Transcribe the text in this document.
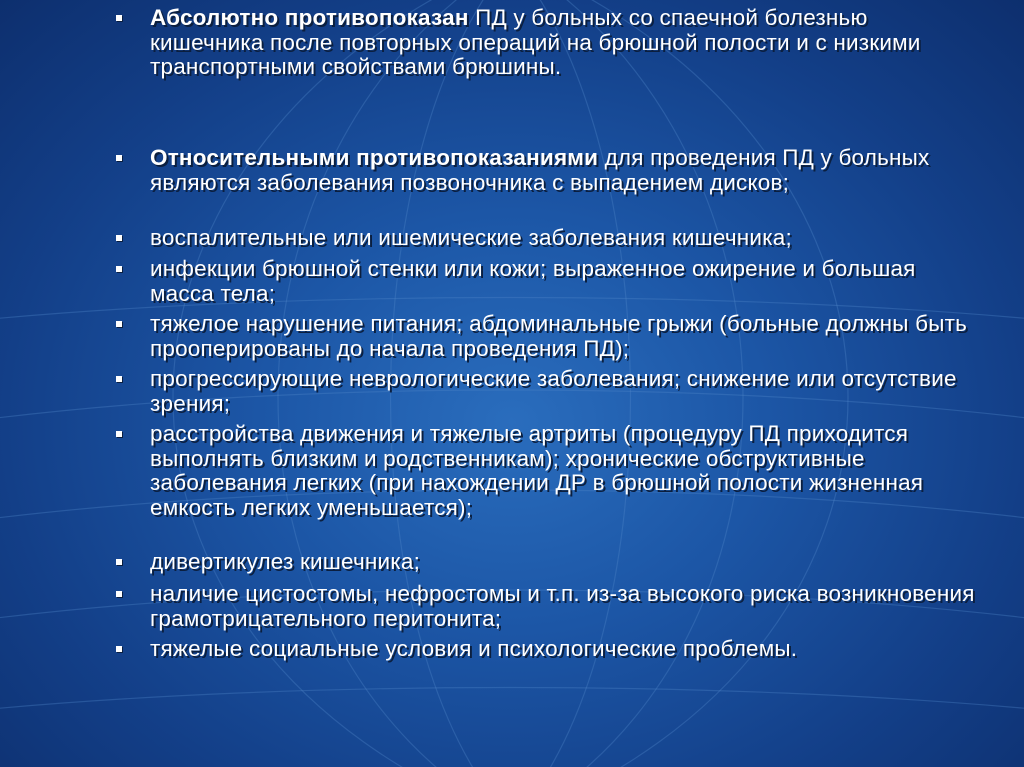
Абсолютно противопоказан ПД у больных со спаечной болезнью кишечника после повторных операций на брюшной полости и с низкими транспортными свойствами брюшины.
Относительными противопоказаниями для проведения ПД у больных являются заболевания позвоночника с выпадением дисков;
воспалительные или ишемические заболевания кишечника;
инфекции брюшной стенки или кожи; выраженное ожирение и большая масса тела;
тяжелое нарушение питания; абдоминальные грыжи (больные должны быть прооперированы до начала проведения ПД);
прогрессирующие неврологические заболевания; снижение или отсутствие зрения;
расстройства движения и тяжелые артриты (процедуру ПД приходится выполнять близким и родственникам); хронические обструктивные заболевания легких (при нахождении ДР в брюшной полости жизненная емкость легких уменьшается);
дивертикулез кишечника;
наличие цистостомы, нефростомы и т.п. из-за высокого риска возникновения грамотрицательного перитонита;
тяжелые социальные условия и психологические проблемы.
